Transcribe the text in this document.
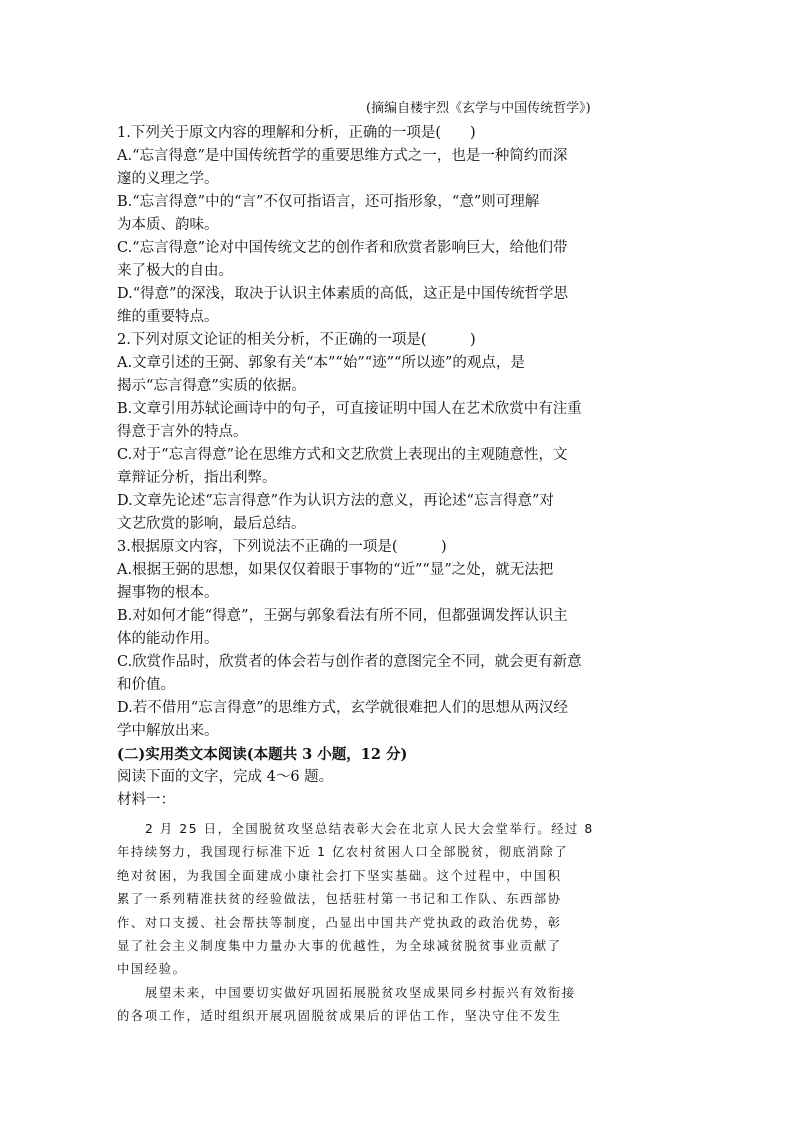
(摘编自楼宇烈《玄学与中国传统哲学》)
1.下列关于原文内容的理解和分析，正确的一项是(　　)
A.“忘言得意”是中国传统哲学的重要思维方式之一，也是一种简约而深
邃的义理之学。
B.“忘言得意”中的“言”不仅可指语言，还可指形象，“意”则可理解
为本质、韵味。
C.“忘言得意”论对中国传统文艺的创作者和欣赏者影响巨大，给他们带
来了极大的自由。
D.“得意”的深浅，取决于认识主体素质的高低，这正是中国传统哲学思
维的重要特点。
2.下列对原文论证的相关分析，不正确的一项是(　　　)
A.文章引述的王弼、郭象有关“本”“始”“迹”“所以迹”的观点，是
揭示“忘言得意”实质的依据。
B.文章引用苏轼论画诗中的句子，可直接证明中国人在艺术欣赏中有注重
得意于言外的特点。
C.对于“忘言得意”论在思维方式和文艺欣赏上表现出的主观随意性，文
章辩证分析，指出利弊。
D.文章先论述“忘言得意”作为认识方法的意义，再论述“忘言得意”对
文艺欣赏的影响，最后总结。
3.根据原文内容，下列说法不正确的一项是(　　　)
A.根据王弼的思想，如果仅仅着眼于事物的“近”“显”之处，就无法把
握事物的根本。
B.对如何才能“得意”，王弼与郭象看法有所不同，但都强调发挥认识主
体的能动作用。
C.欣赏作品时，欣赏者的体会若与创作者的意图完全不同，就会更有新意
和价值。
D.若不借用“忘言得意”的思维方式，玄学就很难把人们的思想从两汉经
学中解放出来。
(二)实用类文本阅读(本题共 3 小题，12 分)
阅读下面的文字，完成 4～6 题。
材料一：
2 月 25 日，全国脱贫攻坚总结表彰大会在北京人民大会堂举行。经过 8
年持续努力，我国现行标准下近 1 亿农村贫困人口全部脱贫，彻底消除了
绝对贫困，为我国全面建成小康社会打下坚实基础。这个过程中，中国积
累了一系列精准扶贫的经验做法，包括驻村第一书记和工作队、东西部协
作、对口支援、社会帮扶等制度，凸显出中国共产党执政的政治优势，彰
显了社会主义制度集中力量办大事的优越性，为全球减贫脱贫事业贡献了
中国经验。
展望未来，中国要切实做好巩固拓展脱贫攻坚成果同乡村振兴有效衔接
的各项工作，适时组织开展巩固脱贫成果后的评估工作，坚决守住不发生
